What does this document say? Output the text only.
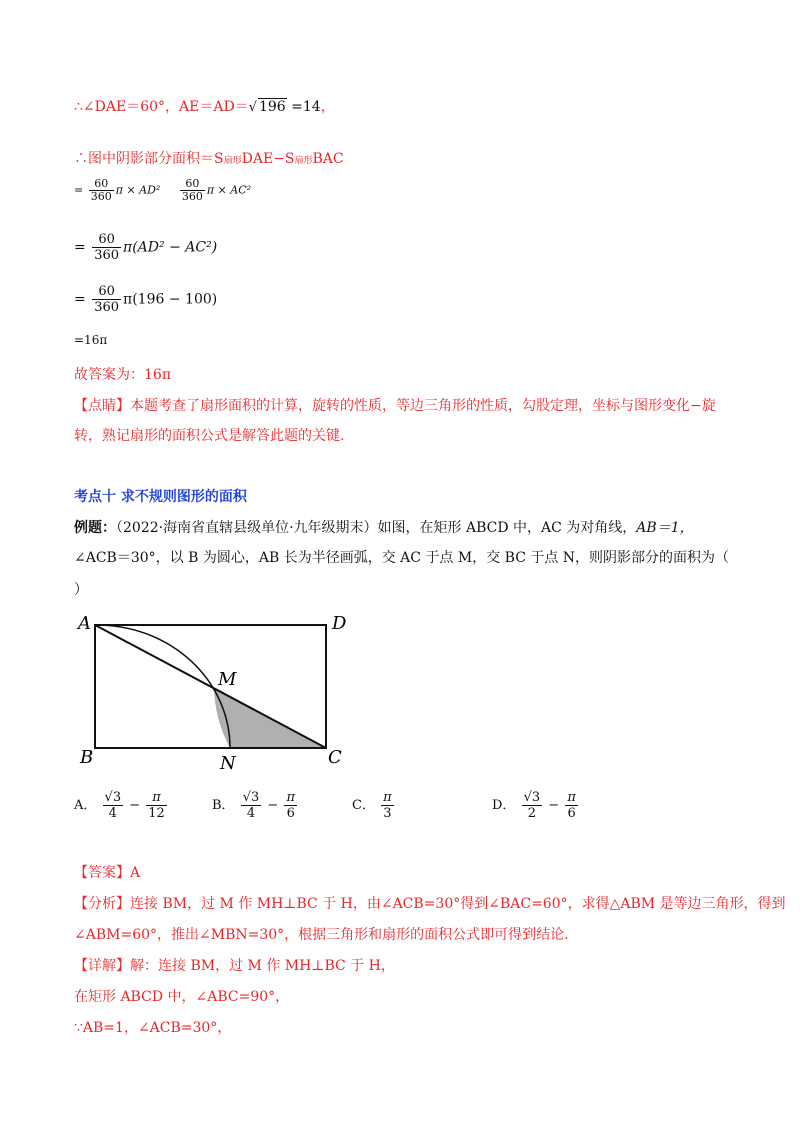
∴∠DAE＝60°，AE＝AD＝√ 196 =14，
∴图中阴影部分面积＝S扇形DAE−S扇形BAC
= $\frac{60}{360}$ $\pi \times AD^2 \frac{60}{360}$ π × AC²
= $\frac{60}{360} \pi(AD^2 - AC^2)$
= $\frac{60}{360} \pi(196 - 100)$
=16π
故答案为：16π
【点睛】本题考查了扇形面积的计算，旋转的性质，等边三角形的性质，勾股定理，坐标与图形变化−旋
转，熟记扇形的面积公式是解答此题的关键.
考点十 求不规则图形的面积
例题：（2022·海南省直辖县级单位·九年级期末）如图，在矩形 ABCD 中，AC 为对角线，AB＝1，
∠ACB＝30°，以 B 为圆心，AB 长为半径画弧，交 AC 于点 M，交 BC 于点 N，则阴影部分的面积为（
）
A	D
M
B	N	C
A． $\frac{√3}{4} - \frac{\pi}{12}$	B． $\frac{√3}{4} - \frac{\pi}{6}$	C． $\frac{\pi}{3}$	D． $\frac{√3}{2} - \frac{\pi}{6}$
【答案】A
【分析】连接 BM，过 M 作 MH⊥BC 于 H，由∠ACB=30°得到∠BAC=60°，求得△ABM 是等边三角形，得到
∠ABM=60°，推出∠MBN=30°，根据三角形和扇形的面积公式即可得到结论.
【详解】解：连接 BM，过 M 作 MH⊥BC 于 H，
在矩形 ABCD 中，∠ABC=90°，
∵AB=1，∠ACB=30°，
